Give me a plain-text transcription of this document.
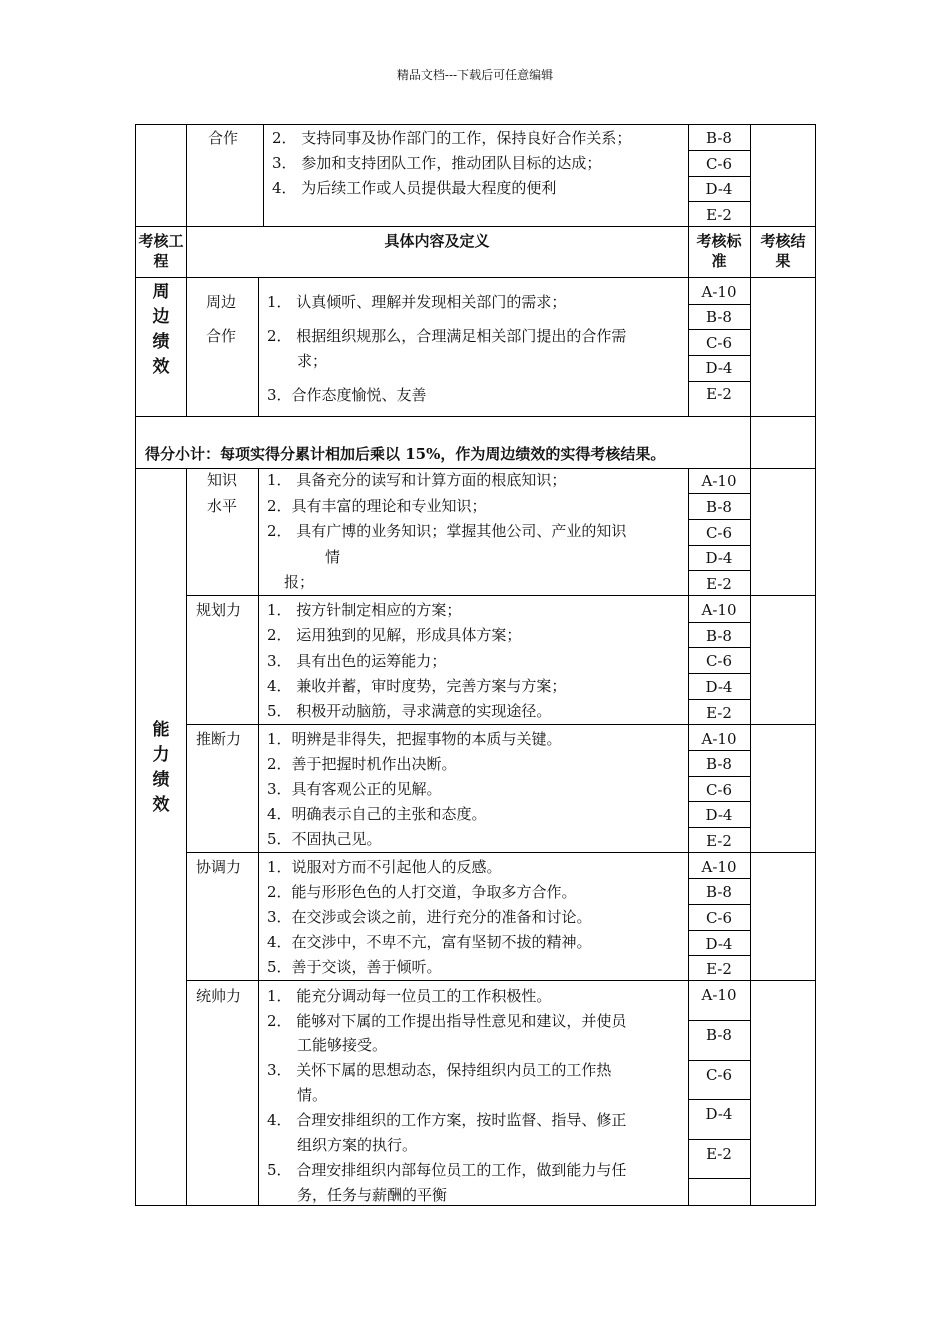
精品文档---下载后可任意编辑
合作 2． 支持同事及协作部门的工作，保持良好合作关系；
3． 参加和支持团队工作，推动团队目标的达成；
4． 为后续工作或人员提供最大程度的便利
B-8
C-6
D-4
E-2
考核工程
具体内容及定义	考核标准
考核结果
周
边
绩
效
周边
合作
1． 认真倾听、理解并发现相关部门的需求；
2． 根据组织规那么，合理满足相关部门提出的合作需
求；
3．合作态度愉悦、友善
A-10
B-8
C-6
D-4
E-2
得分小计：每项实得分累计相加后乘以 15%，作为周边绩效的实得考核结果。
能
力
绩
效
知识
水平
1． 具备充分的读写和计算方面的根底知识；
2．具有丰富的理论和专业知识；
2． 具有广博的业务知识；掌握其他公司、产业的知识
情
报；
A-10
B-8
C-6
D-4
E-2
规划力 1． 按方针制定相应的方案；
2． 运用独到的见解，形成具体方案；
3． 具有出色的运筹能力；
4． 兼收并蓄，审时度势，完善方案与方案；
5． 积极开动脑筋，寻求满意的实现途径。
A-10
B-8
C-6
D-4
E-2
推断力 1．明辨是非得失，把握事物的本质与关键。
2．善于把握时机作出决断。
3．具有客观公正的见解。
4．明确表示自己的主张和态度。
5．不固执己见。
A-10
B-8
C-6
D-4
E-2
协调力 1．说服对方而不引起他人的反感。
2．能与形形色色的人打交道，争取多方合作。
3．在交涉或会谈之前，进行充分的准备和讨论。
4．在交涉中，不卑不亢，富有坚韧不拔的精神。
5．善于交谈，善于倾听。
A-10
B-8
C-6
D-4
E-2
统帅力 1． 能充分调动每一位员工的工作积极性。
2． 能够对下属的工作提出指导性意见和建议，并使员
工能够接受。
3． 关怀下属的思想动态，保持组织内员工的工作热
情。
4． 合理安排组织的工作方案，按时监督、指导、修正
组织方案的执行。
5． 合理安排组织内部每位员工的工作，做到能力与任
务，任务与薪酬的平衡
A-10
B-8
C-6
D-4
E-2
